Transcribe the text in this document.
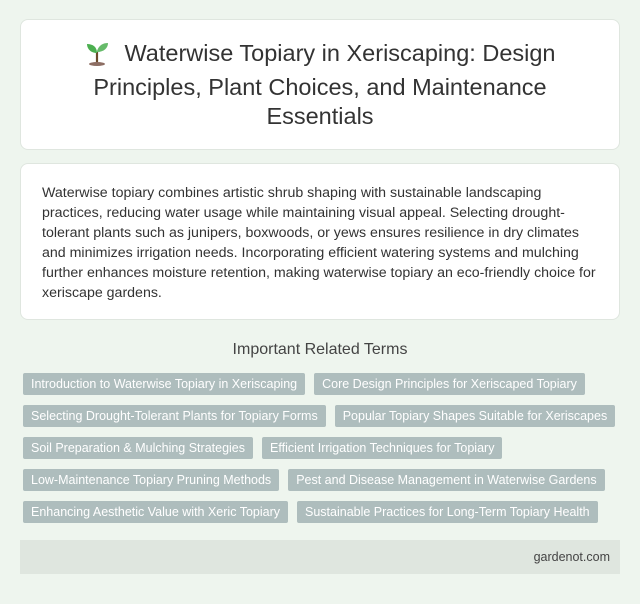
Waterwise Topiary in Xeriscaping: Design Principles, Plant Choices, and Maintenance Essentials

Waterwise topiary combines artistic shrub shaping with sustainable landscaping practices, reducing water usage while maintaining visual appeal. Selecting drought-tolerant plants such as junipers, boxwoods, or yews ensures resilience in dry climates and minimizes irrigation needs. Incorporating efficient watering systems and mulching further enhances moisture retention, making waterwise topiary an eco-friendly choice for xeriscape gardens.

Important Related Terms
Introduction to Waterwise Topiary in Xeriscaping	Core Design Principles for Xeriscaped Topiary
Selecting Drought-Tolerant Plants for Topiary Forms	Popular Topiary Shapes Suitable for Xeriscapes
Soil Preparation & Mulching Strategies	Efficient Irrigation Techniques for Topiary
Low-Maintenance Topiary Pruning Methods	Pest and Disease Management in Waterwise Gardens
Enhancing Aesthetic Value with Xeric Topiary	Sustainable Practices for Long-Term Topiary Health
gardenot.com
